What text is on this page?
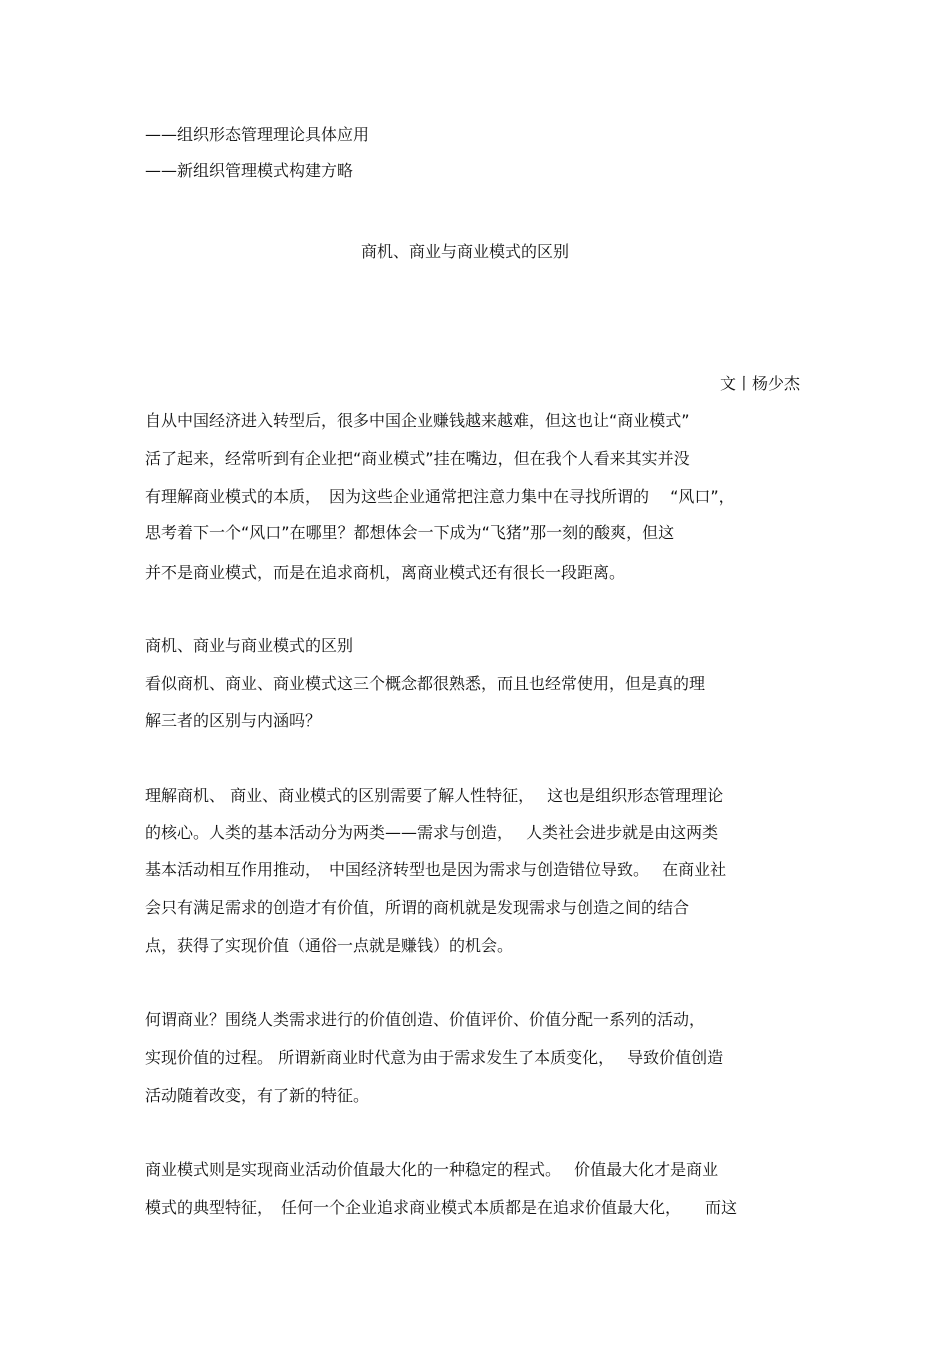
——组织形态管理理论具体应用
——新组织管理模式构建方略
商机、商业与商业模式的区别
文丨杨少杰
自从中国经济进入转型后，很多中国企业赚钱越来越难，但这也让“商业模式”
活了起来，经常听到有企业把“商业模式”挂在嘴边，但在我个人看来其实并没
有理解商业模式的本质，　因为这些企业通常把注意力集中在寻找所谓的　 “风口”，
思考着下一个“风口”在哪里？都想体会一下成为“飞猪”那一刻的酸爽，但这
并不是商业模式，而是在追求商机，离商业模式还有很长一段距离。
商机、商业与商业模式的区别
看似商机、商业、商业模式这三个概念都很熟悉，而且也经常使用，但是真的理
解三者的区别与内涵吗？
理解商机、 商业、商业模式的区别需要了解人性特征，　 这也是组织形态管理理论
的核心。人类的基本活动分为两类——需求与创造，　 人类社会进步就是由这两类
基本活动相互作用推动，　中国经济转型也是因为需求与创造错位导致。　 在商业社
会只有满足需求的创造才有价值，所谓的商机就是发现需求与创造之间的结合
点，获得了实现价值（通俗一点就是赚钱）的机会。
何谓商业？围绕人类需求进行的价值创造、价值评价、价值分配一系列的活动，
实现价值的过程。 所谓新商业时代意为由于需求发生了本质变化，　 导致价值创造
活动随着改变，有了新的特征。
商业模式则是实现商业活动价值最大化的一种稳定的程式。　 价值最大化才是商业
模式的典型特征，　任何一个企业追求商业模式本质都是在追求价值最大化，　　而这
